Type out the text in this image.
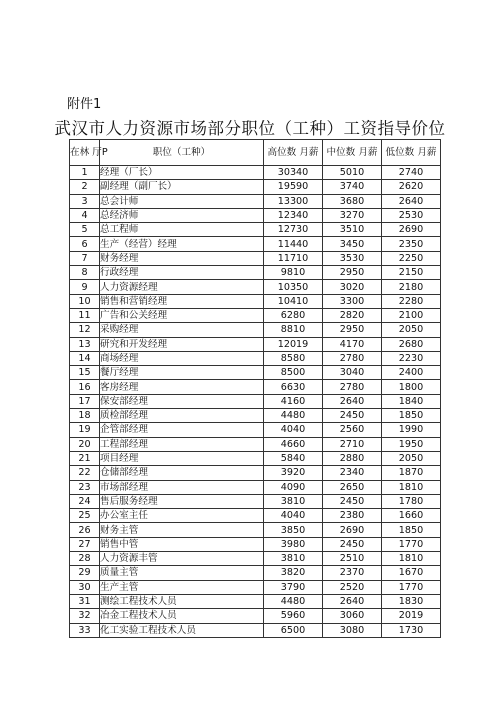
附件1
武汉市人力资源市场部分职位（工种）工资指导价位
在林 厅P	职位（工种）	高位数 月薪	中位数 月薪	低位数 月薪
1	经理（厂长）	30340	5010	2740
2	副经理（副厂长）	19590	3740	2620
3	总会计师	13300	3680	2640
4	总经济师	12340	3270	2530
5	总工程师	12730	3510	2690
6	生产（经营）经理	11440	3450	2350
7	财务经理	11710	3530	2250
8	行政经理	9810	2950	2150
9	人力资源经理	10350	3020	2180
10	销售和营销经理	10410	3300	2280
11	广告和公关经理	6280	2820	2100
12	采购经理	8810	2950	2050
13	研究和开发经理	12019	4170	2680
14	商场经理	8580	2780	2230
15	餐厅经理	8500	3040	2400
16	客房经理	6630	2780	1800
17	保安部经理	4160	2640	1840
18	质检部经理	4480	2450	1850
19	企管部经理	4040	2560	1990
20	工程部经理	4660	2710	1950
21	项目经理	5840	2880	2050
22	仓储部经理	3920	2340	1870
23	市场部经理	4090	2650	1810
24	售后服务经理	3810	2450	1780
25	办公室主任	4040	2380	1660
26	财务主管	3850	2690	1850
27	销售中管	3980	2450	1770
28	人力资源丰管	3810	2510	1810
29	质量主管	3820	2370	1670
30	生产主管	3790	2520	1770
31	测绘工程技术人员	4480	2640	1830
32	冶金工程技术人员	5960	3060	2019
33	化工实验工程技术人员	6500	3080	1730
